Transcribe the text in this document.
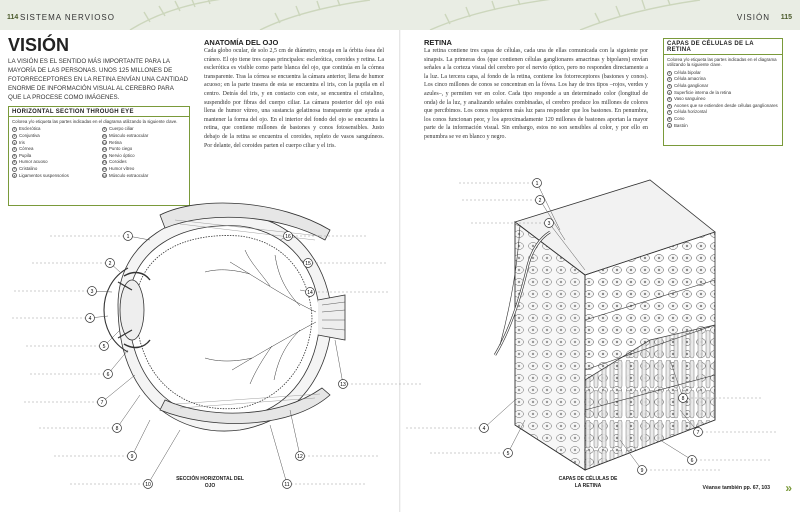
114 SISTEMA NERVIOSO	VISIÓN 115
VISIÓN
LA VISIÓN ES EL SENTIDO MÁS IMPORTANTE PARA LA MAYORÍA DE LAS PERSONAS. UNOS 125 MILLONES DE FOTORRECEPTORES EN LA RETINA ENVÍAN UNA CANTIDAD ENORME DE INFORMACIÓN VISUAL AL CEREBRO PARA QUE LA PROCESE COMO IMÁGENES.
HORIZONTAL SECTION THROUGH EYE
Colorea y/o etiqueta las partes indicadas en el diagrama utilizando la siguiente clave.
1 Esclerótica
2 Conjuntiva
3 Iris
4 Córnea
5 Pupila
6 Humor acuoso
7 Cristalino
8 Ligamentos suspensorios
9 Cuerpo ciliar
10 Músculo extraocular
11 Retina
12 Punto ciego
13 Nervio óptico
14 Coroides
15 Humor vítreo
16 Músculo extraocular
ANATOMÍA DEL OJO
Cada globo ocular, de solo 2,5 cm de diámetro, encaja en la órbita ósea del cráneo. El ojo tiene tres capas principales: esclerótica, coroides y retina. La esclerótica es visible como parte blanca del ojo, que continúa en la córnea transparente. Tras la córnea se encuentra la cámara anterior, llena de humor acuoso; en la parte trasera de esta se encuentra el iris, con la pupila en el centro. Detrás del iris, y en contacto con este, se encuentra el cristalino, suspendido por fibras del cuerpo ciliar. La cámara posterior del ojo está llena de humor vítreo, una sustancia gelatinosa transparente que ayuda a mantener la forma del ojo. En el interior del fondo del ojo se encuentra la retina, que contiene millones de bastones y conos fotosensibles. Justo debajo de la retina se encuentra el coroides, repleto de vasos sanguíneos. Por delante, del coroides parten el cuerpo ciliar y el iris.
1
2
3
4
5
6
7
8
9
10	11
12
13
14
15
16
SECCIÓN HORIZONTAL DEL OJO
RETINA
La retina contiene tres capas de células, cada una de ellas comunicada con la siguiente por sinapsis. La primeras dos (que contienen células ganglionares amacrinas y bipolares) envían señales a la corteza visual del cerebro por el nervio óptico, pero no responden directamente a la luz. La tercera capa, al fondo de la retina, contiene los fotorreceptores (bastones y conos). Los cinco millones de conos se concentran en la fóvea. Los hay de tres tipos –rojos, verdes y azules–, y permiten ver en color. Cada tipo responde a un determinado color (longitud de onda) de la luz, y analizando señales combinadas, el cerebro produce los millones de colores que percibimos. Los conos requieren más luz para responder que los bastones. En penumbra, los conos funcionan peor, y los aproximadamente 120 millones de bastones aportan la mayor parte de la información visual. Sin embargo, estos no son sensibles al color, y por ello en penumbra se ve en blanco y negro.
CAPAS DE CÉLULAS DE LA RETINA
Colorea y/o etiqueta las partes indicadas en el diagrama utilizando la siguiente clave.
1 Célula bipolar
2 Célula amacrina
3 Célula ganglionar
4 Superficie interna de la retina
5 Vaso sanguíneo
6 Axones que se extienden desde células ganglionares
7 Célula horizontal
8 Cono
9 Bastón
1
2
3
4
5
6
7
8
9
CAPAS DE CÉLULAS DE LA RETINA	Véanse también pp. 67, 103 »
